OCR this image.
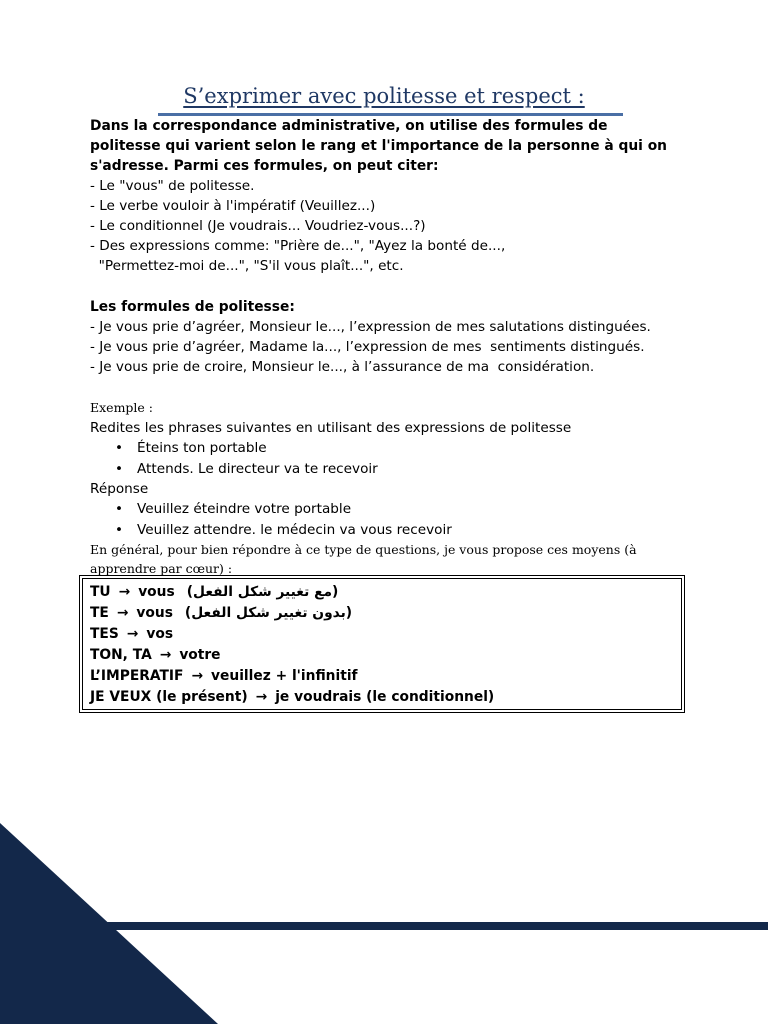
S’exprimer avec politesse et respect :
Dans la correspondance administrative, on utilise des formules de
politesse qui varient selon le rang et l'importance de la personne à qui on
s'adresse. Parmi ces formules, on peut citer:
- Le "vous" de politesse.
- Le verbe vouloir à l'impératif (Veuillez...)
- Le conditionnel (Je voudrais... Voudriez-vous...?)
- Des expressions comme: "Prière de...", "Ayez la bonté de...,
"Permettez-moi de...", "S'il vous plaît...", etc.
Les formules de politesse:
- Je vous prie d’agréer, Monsieur le..., l’expression de mes salutations distinguées.
- Je vous prie d’agréer, Madame la..., l’expression de mes  sentiments distingués.
- Je vous prie de croire, Monsieur le..., à l’assurance de ma  considération.
Exemple :
Redites les phrases suivantes en utilisant des expressions de politesse
• Éteins ton portable
• Attends. Le directeur va te recevoir
Réponse
• Veuillez éteindre votre portable
• Veuillez attendre. le médecin va vous recevoir
En général, pour bien répondre à ce type de questions, je vous propose ces moyens (à
apprendre par cœur) :
TU → vous (مع تغيير شكل الفعل)
TE → vous (بدون تغيير شكل الفعل)
TES → vos
TON, TA → votre
L’IMPERATIF → veuillez + l'infinitif
JE VEUX (le présent) → je voudrais (le conditionnel)
